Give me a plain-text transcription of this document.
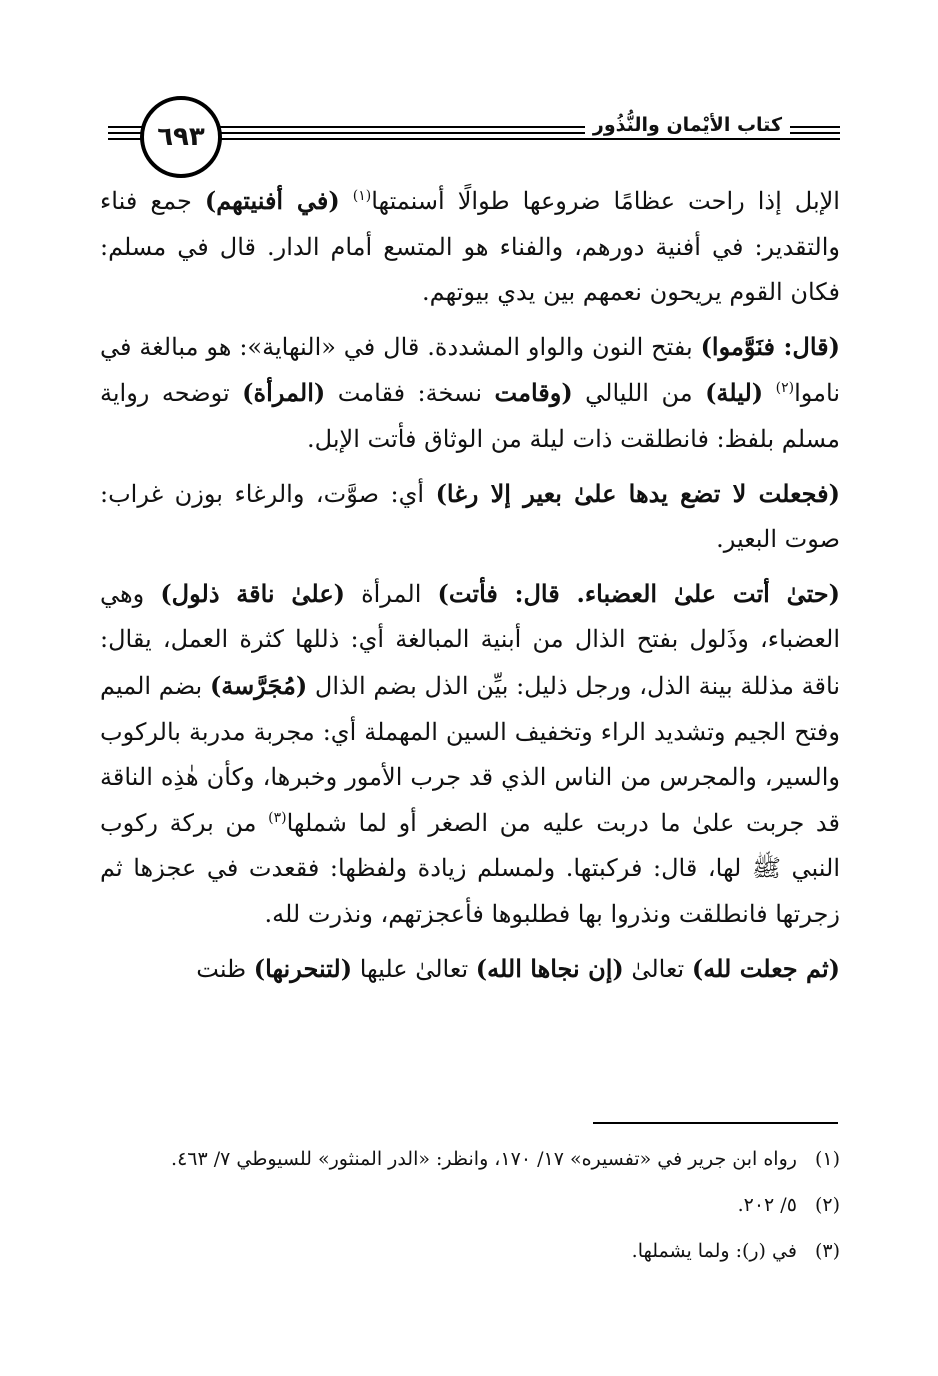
٦٩٣	كتاب الأيْمان والنُّذُور

الإبل إذا راحت عظامًا ضروعها طوالًا أسنمتها$^{(١)}$ (في أفنيتهم) جمع فناء والتقدير: في أفنية دورهم، والفناء هو المتسع أمام الدار. قال في مسلم: فكان القوم يريحون نعمهم بين يدي بيوتهم.

(قال: فنَوَّموا) بفتح النون والواو المشددة. قال في «النهاية»: هو مبالغة في ناموا$^{(٢)}$ (ليلة) من الليالي (وقامت نسخة: فقامت (المرأة) توضحه رواية مسلم بلفظ: فانطلقت ذات ليلة من الوثاق فأتت الإبل.

(فجعلت لا تضع يدها علىٰ بعير إلا رغا) أي: صوَّت، والرغاء بوزن غراب: صوت البعير.

(حتىٰ أتت علىٰ العضباء. قال: فأتت) المرأة (علىٰ ناقة ذلول) وهي العضباء، وذَلول بفتح الذال من أبنية المبالغة أي: ذللها كثرة العمل، يقال: ناقة مذللة بينة الذل، ورجل ذليل: بيِّن الذل بضم الذال (مُجَرَّسة) بضم الميم وفتح الجيم وتشديد الراء وتخفيف السين المهملة أي: مجربة مدربة بالركوب والسير، والمجرس من الناس الذي قد جرب الأمور وخبرها، وكأن هٰذِه الناقة قد جربت علىٰ ما دربت عليه من الصغر أو لما شملها$^{(٣)}$ من بركة ركوب النبي ﷺ لها، قال: فركبتها. ولمسلم زيادة ولفظها: فقعدت في عجزها ثم زجرتها فانطلقت ونذروا بها فطلبوها فأعجزتهم، ونذرت لله.

(ثم جعلت لله) تعالىٰ (إن نجاها الله) تعالىٰ عليها (لتنحرنها) ظنت

(١)رواه ابن جرير في «تفسيره» ١٧/ ١٧٠، وانظر: «الدر المنثور» للسيوطي ٧/ ٤٦٣.

(٢)٥/ ٢٠٢.

(٣)في (ر): ولما يشملها.
